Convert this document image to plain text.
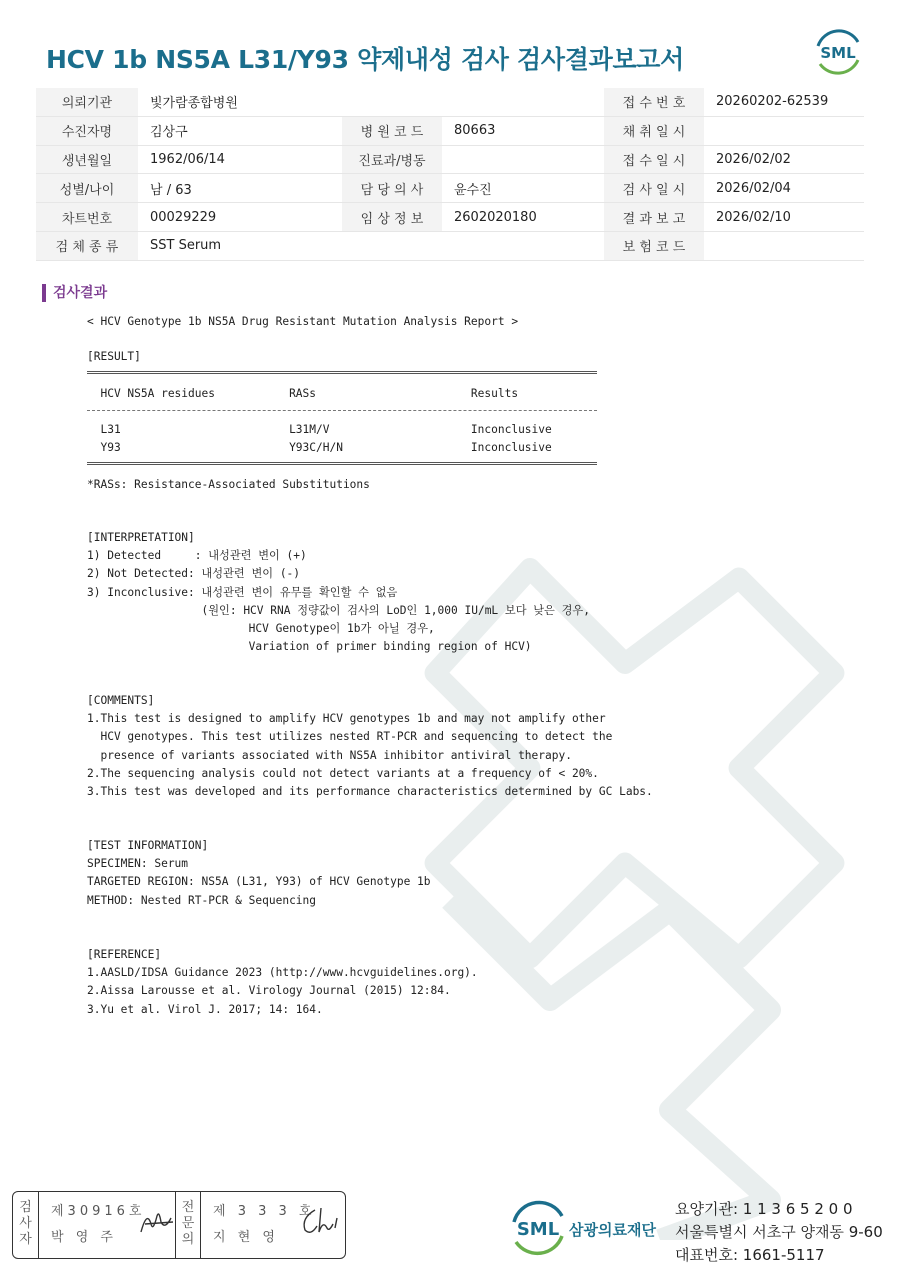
HCV 1b NS5A L31/Y93 약제내성 검사 검사결과보고서	SML
의뢰기관	빛가람종합병원			접 수 번 호	20260202-62539
수진자명	김상구	병 원 코 드	80663	채 취 일 시	
생년월일	1962/06/14	진료과/병동		접 수 일 시	2026/02/02
성별/나이	남 / 63	담 당 의 사	윤수진	검 사 일 시	2026/02/04
차트번호	00029229	임 상 정 보	2602020180	결 과 보 고	2026/02/10
검 체 종 류	SST Serum			보 험 코 드	
검사결과
< HCV Genotype 1b NS5A Drug Resistant Mutation Analysis Report >
[RESULT]
HCV NS5A residues           RASs                       Results
L31                         L31M/V                     Inconclusive
Y93                         Y93C/H/N                   Inconclusive
*RASs: Resistance-Associated Substitutions
[INTERPRETATION]
1) Detected     : 내성관련 변이 (+)
2) Not Detected: 내성관련 변이 (-)
3) Inconclusive: 내성관련 변이 유무를 확인할 수 없음
(원인: HCV RNA 정량값이 검사의 LoD인 1,000 IU/mL 보다 낮은 경우,
HCV Genotype이 1b가 아닐 경우,
Variation of primer binding region of HCV)
[COMMENTS]
1.This test is designed to amplify HCV genotypes 1b and may not amplify other
HCV genotypes. This test utilizes nested RT-PCR and sequencing to detect the
presence of variants associated with NS5A inhibitor antiviral therapy.
2.The sequencing analysis could not detect variants at a frequency of < 20%.
3.This test was developed and its performance characteristics determined by GC Labs.
[TEST INFORMATION]
SPECIMEN: Serum
TARGETED REGION: NS5A (L31, Y93) of HCV Genotype 1b
METHOD: Nested RT-PCR & Sequencing
[REFERENCE]
1.AASLD/IDSA Guidance 2023 (http://www.hcvguidelines.org).
2.Aissa Larousse et al. Virology Journal (2015) 12:84.
3.Yu et al. Virol J. 2017; 14: 164.
검사자
제30916호
박 영 주
전문의
제 3 3 3 호
지 현 영	SML 삼광의료재단
요양기관: 1 1 3 6 5 2 0 0
서울특별시 서초구 양재동 9-60
대표번호: 1661-5117
